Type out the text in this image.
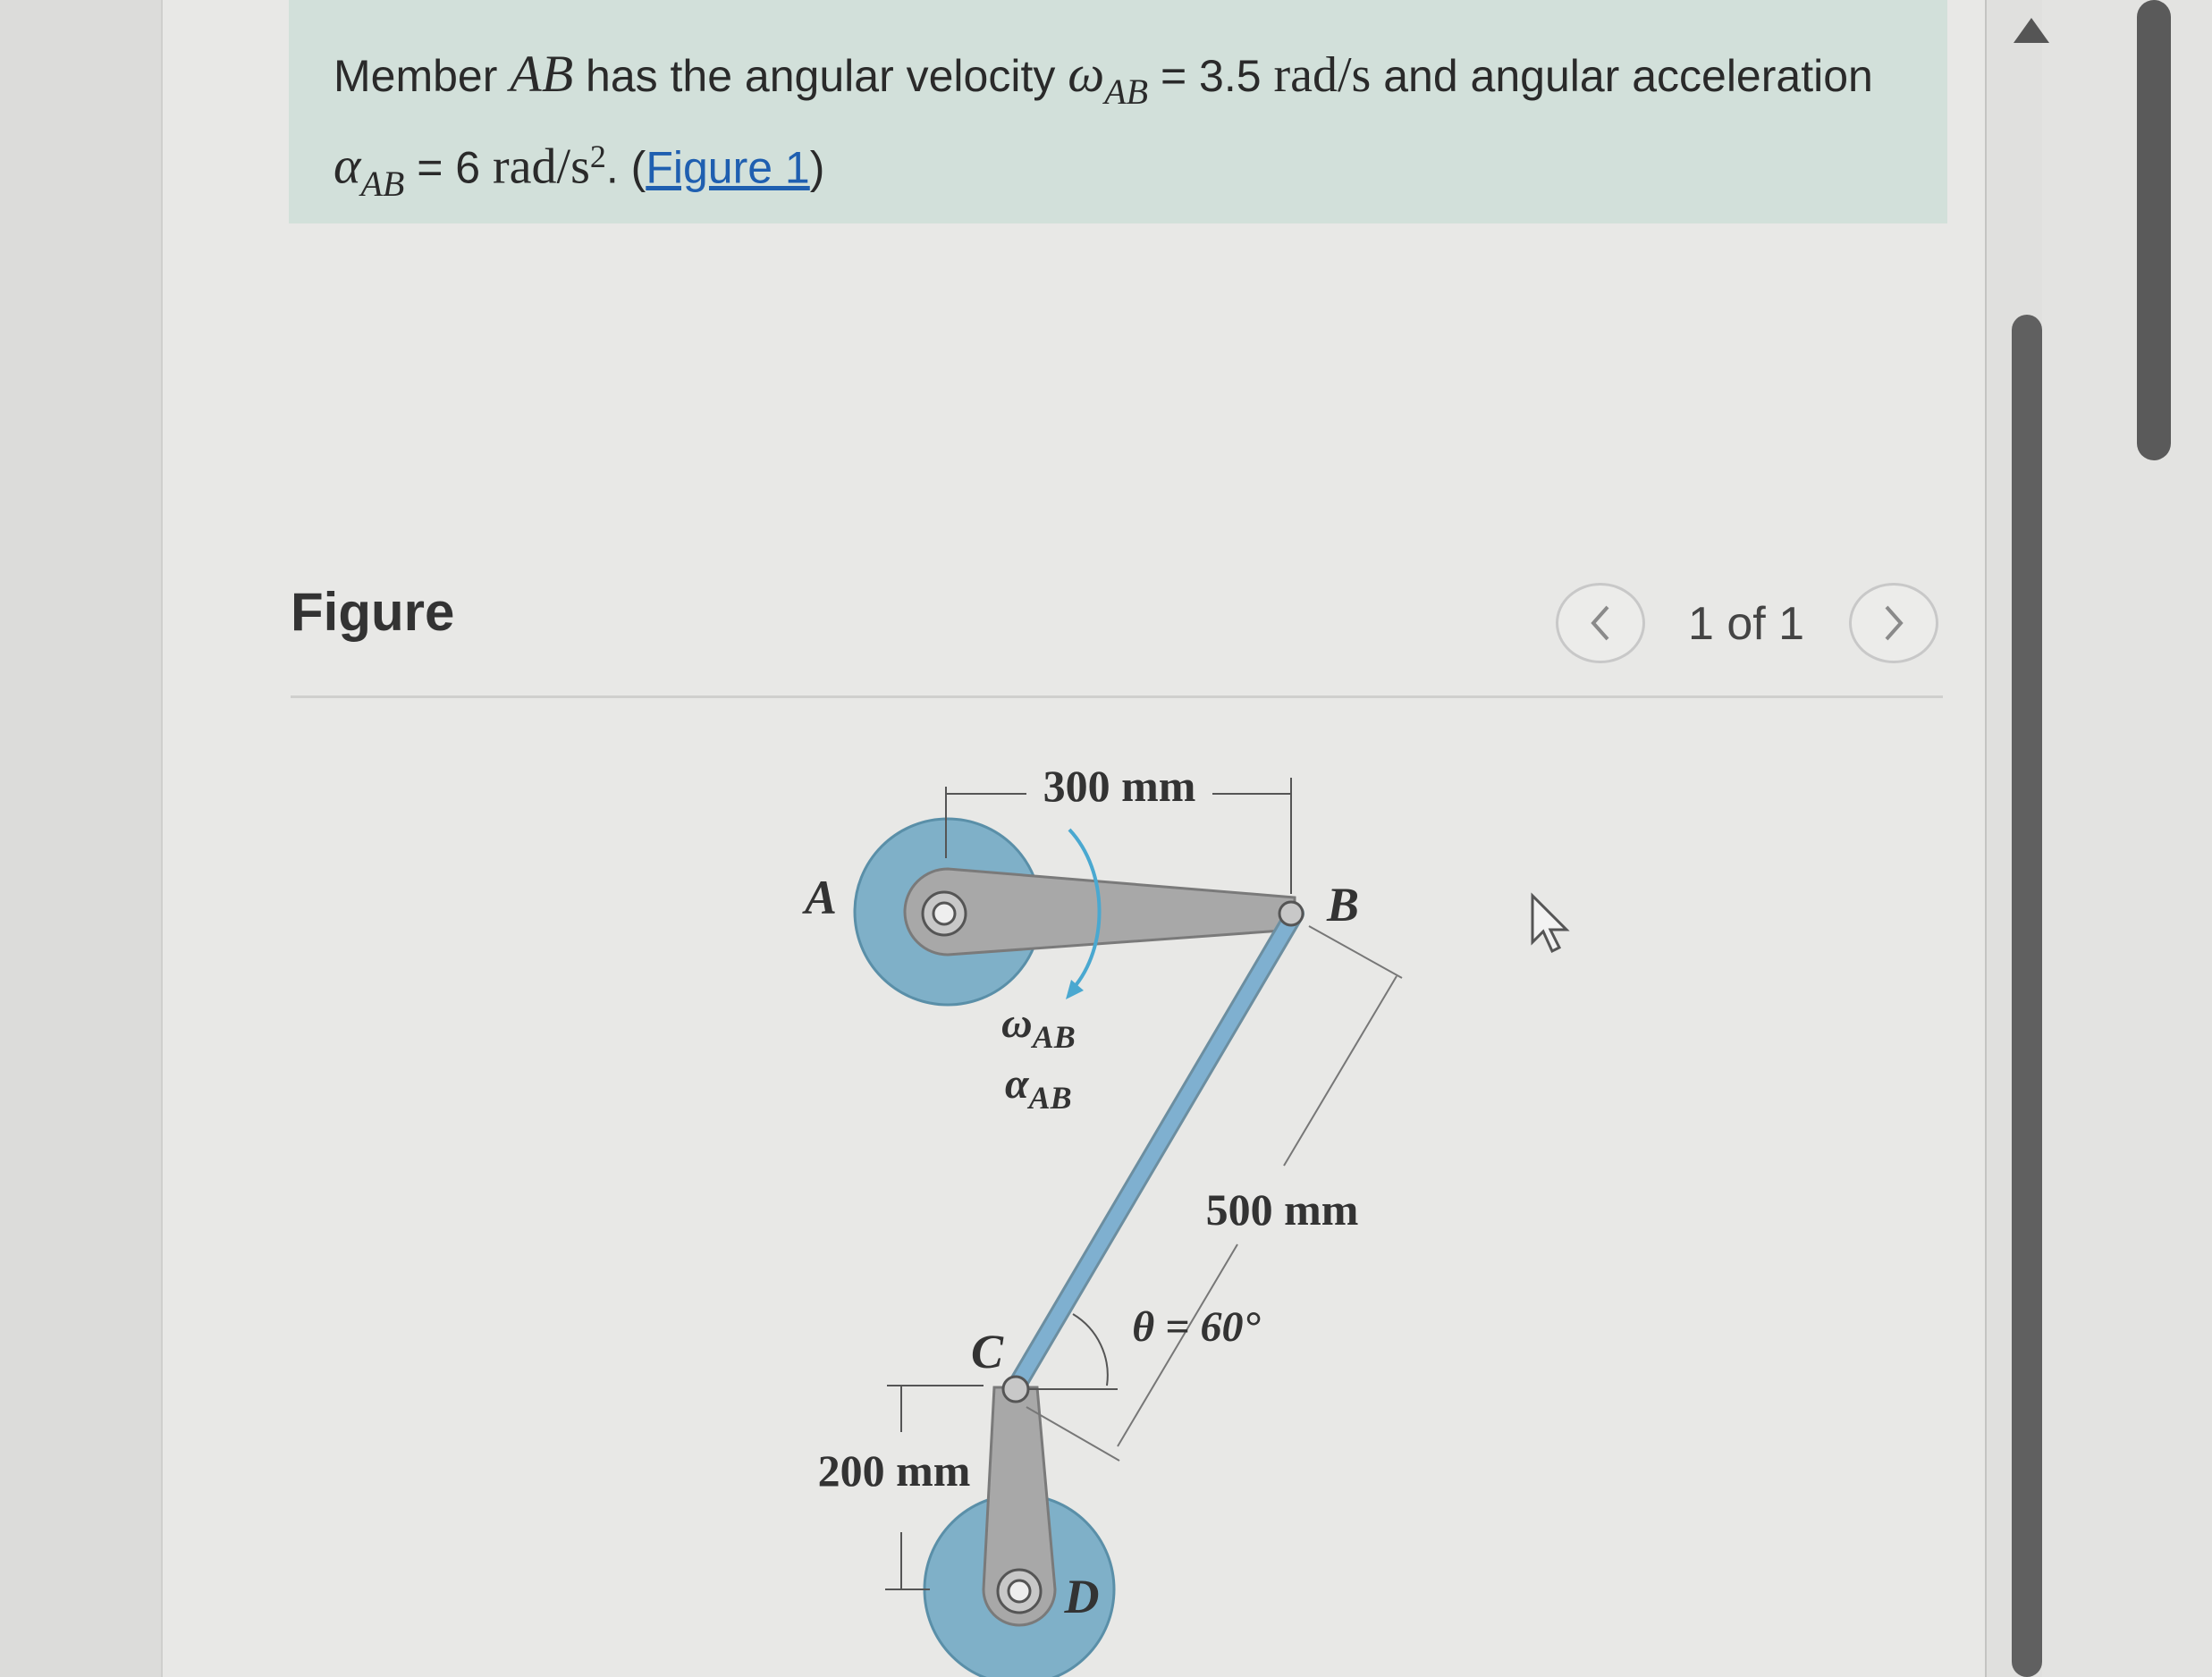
Member AB has the angular velocity $\omega_{AB} = 3.5$ rad/s and angular acceleration $\alpha_{AB} = 6$ rad/$s^2$. (Figure 1)
Figure	1 of 1
300 mm
500 mm
θ = 60°
200 mm
A	B
C
D
$\omega_{AB}$
$\alpha_{AB}$
